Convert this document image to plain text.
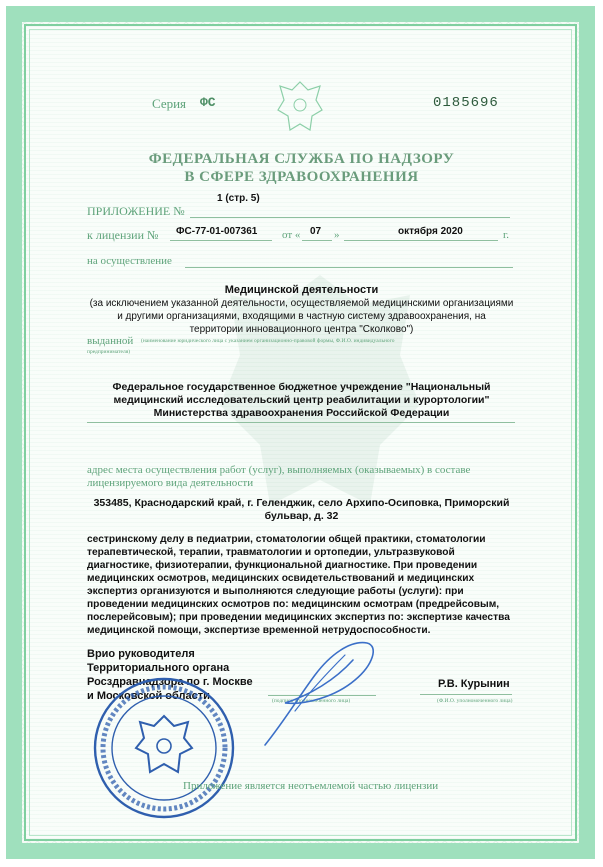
Серия ФС	0185696
ФЕДЕРАЛЬНАЯ СЛУЖБА ПО НАДЗОРУ
В СФЕРЕ ЗДРАВООХРАНЕНИЯ
1 (стр. 5)
ПРИЛОЖЕНИЕ №
к лицензии № ФС-77-01-007361 от « 07 »	октября 2020	г.
на осуществление
Медицинской деятельности
(за исключением указанной деятельности, осуществляемой медицинскими организациями
и другими организациями, входящими в частную систему здравоохранения, на
территории инновационного центра "Сколково")
выданной (наименование юридического лица с указанием организационно-правовой формы, Ф.И.О. индивидуального
предпринимателя)
Федеральное государственное бюджетное учреждение "Национальный
медицинский исследовательский центр реабилитации и курортологии"
Министерства здравоохранения Российской Федерации
адрес места осуществления работ (услуг), выполняемых (оказываемых) в составе
лицензируемого вида деятельности
353485, Краснодарский край, г. Геленджик, село Архипо-Осиповка, Приморский
бульвар, д. 32
сестринскому делу в педиатрии, стоматологии общей практики, стоматологии
терапевтической, терапии, травматологии и ортопедии, ультразвуковой
диагностике, физиотерапии, функциональной диагностике. При проведении
медицинских осмотров, медицинских освидетельствований и медицинских
экспертиз организуются и выполняются следующие работы (услуги): при
проведении медицинских осмотров по: медицинским осмотрам (предрейсовым,
послерейсовым); при проведении медицинских экспертиз по: экспертизе качества
медицинской помощи, экспертизе временной нетрудоспособности.
Врио руководителя
Территориального органа
Росздравнадзора по г. Москве
и Московской области	(подпись уполномоченного лица)
Р.В. Курынин
(Ф.И.О. уполномоченного лица)
Приложение является неотъемлемой частью лицензии
